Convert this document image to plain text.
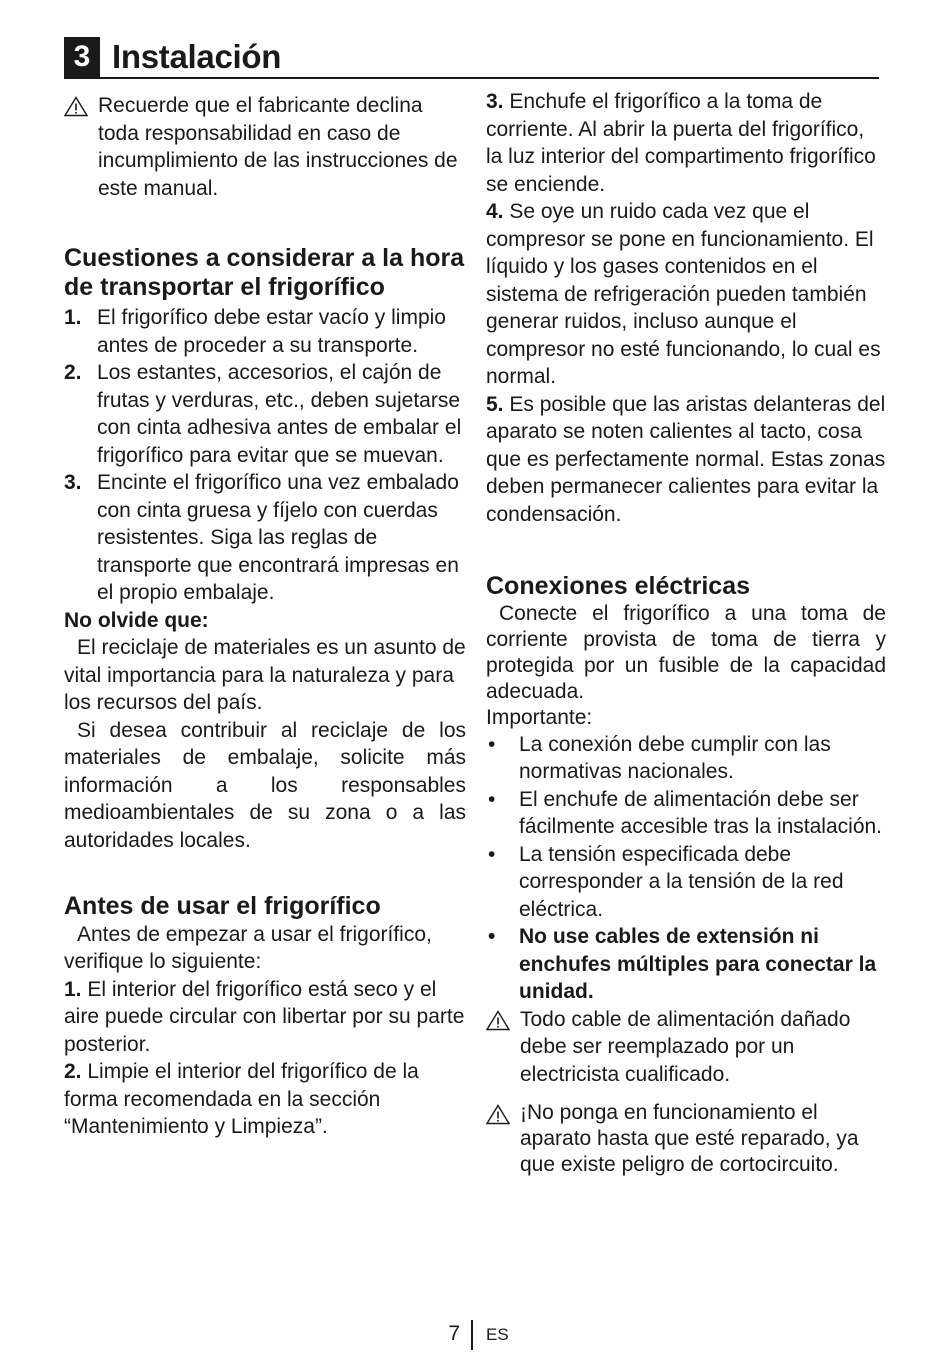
3 Instalación
Recuerde que el fabricante declina toda responsabilidad en caso de incumplimiento de las instrucciones de este manual.
Cuestiones a considerar a la hora de transportar el frigorífico
1. El frigorífico debe estar vacío y limpio antes de proceder a su transporte.
2. Los estantes, accesorios, el cajón de frutas y verduras, etc., deben sujetarse con cinta adhesiva antes de embalar el frigorífico para evitar que se muevan.
3. Encinte el frigorífico una vez embalado con cinta gruesa y fíjelo con cuerdas resistentes. Siga las reglas de transporte que encontrará impresas en el propio embalaje.
No olvide que:
El reciclaje de materiales es un asunto de vital importancia para la naturaleza y para los recursos del país.
Si desea contribuir al reciclaje de los materiales de embalaje, solicite más información a los responsables medioambientales de su zona o a las autoridades locales.
Antes de usar el frigorífico
Antes de empezar a usar el frigorífico, verifique lo siguiente:
1. El interior del frigorífico está seco y el aire puede circular con libertar por su parte posterior.
2. Limpie el interior del frigorífico de la forma recomendada en la sección “Mantenimiento y Limpieza”.
3. Enchufe el frigorífico a la toma de corriente. Al abrir la puerta del frigorífico, la luz interior del compartimento frigorífico se enciende.
4. Se oye un ruido cada vez que el compresor se pone en funcionamiento. El líquido y los gases contenidos en el sistema de refrigeración pueden también generar ruidos, incluso aunque el compresor no esté funcionando, lo cual es normal.
5. Es posible que las aristas delanteras del aparato se noten calientes al tacto, cosa que es perfectamente normal. Estas zonas deben permanecer calientes para evitar la condensación.
Conexiones eléctricas
Conecte el frigorífico a una toma de corriente provista de toma de tierra y protegida por un fusible de la capacidad adecuada.
Importante:
• La conexión debe cumplir con las normativas nacionales.
• El enchufe de alimentación debe ser fácilmente accesible tras la instalación.
• La tensión especificada debe corresponder a la tensión de la red eléctrica.
• No use cables de extensión ni enchufes múltiples para conectar la unidad.
Todo cable de alimentación dañado debe ser reemplazado por un electricista cualificado.
¡No ponga en funcionamiento el aparato hasta que esté reparado, ya que existe peligro de cortocircuito.
7 ES
